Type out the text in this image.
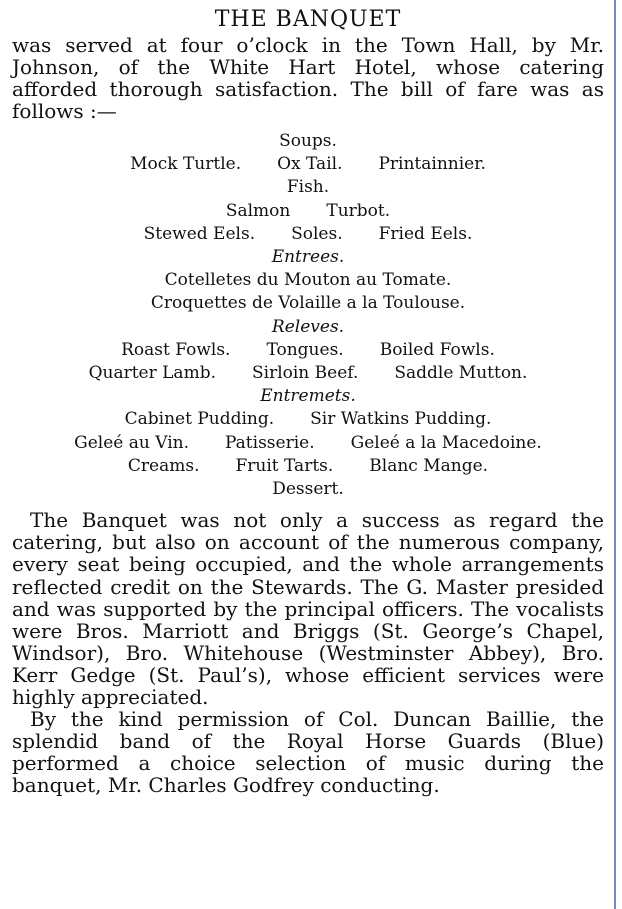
THE BANQUET

was served at four o’clock in the Town Hall, by Mr. Johnson, of the White Hart Hotel, whose catering afforded thorough satisfaction. The bill of fare was as follows :—

Soups.
Mock Turtle. Ox Tail. Printainnier.
Fish.
Salmon Turbot.
Stewed Eels. Soles. Fried Eels.
Entrees.
Cotelletes du Mouton au Tomate.
Croquettes de Volaille a la Toulouse.
Releves.
Roast Fowls. Tongues. Boiled Fowls.
Quarter Lamb. Sirloin Beef. Saddle Mutton.
Entremets.
Cabinet Pudding. Sir Watkins Pudding.
Geleé au Vin. Patisserie. Geleé a la Macedoine.
Creams. Fruit Tarts. Blanc Mange.
Dessert.

The Banquet was not only a success as regard the catering, but also on account of the numerous company, every seat being occupied, and the whole arrangements reflected credit on the Stewards. The G. Master presided and was supported by the principal officers. The vocalists were Bros. Marriott and Briggs (St. George’s Chapel, Windsor), Bro. Whitehouse (Westminster Abbey), Bro. Kerr Gedge (St. Paul’s), whose efficient services were highly appreciated.

By the kind permission of Col. Duncan Baillie, the splendid band of the Royal Horse Guards (Blue) performed a choice selection of music during the banquet, Mr. Charles Godfrey conducting.
